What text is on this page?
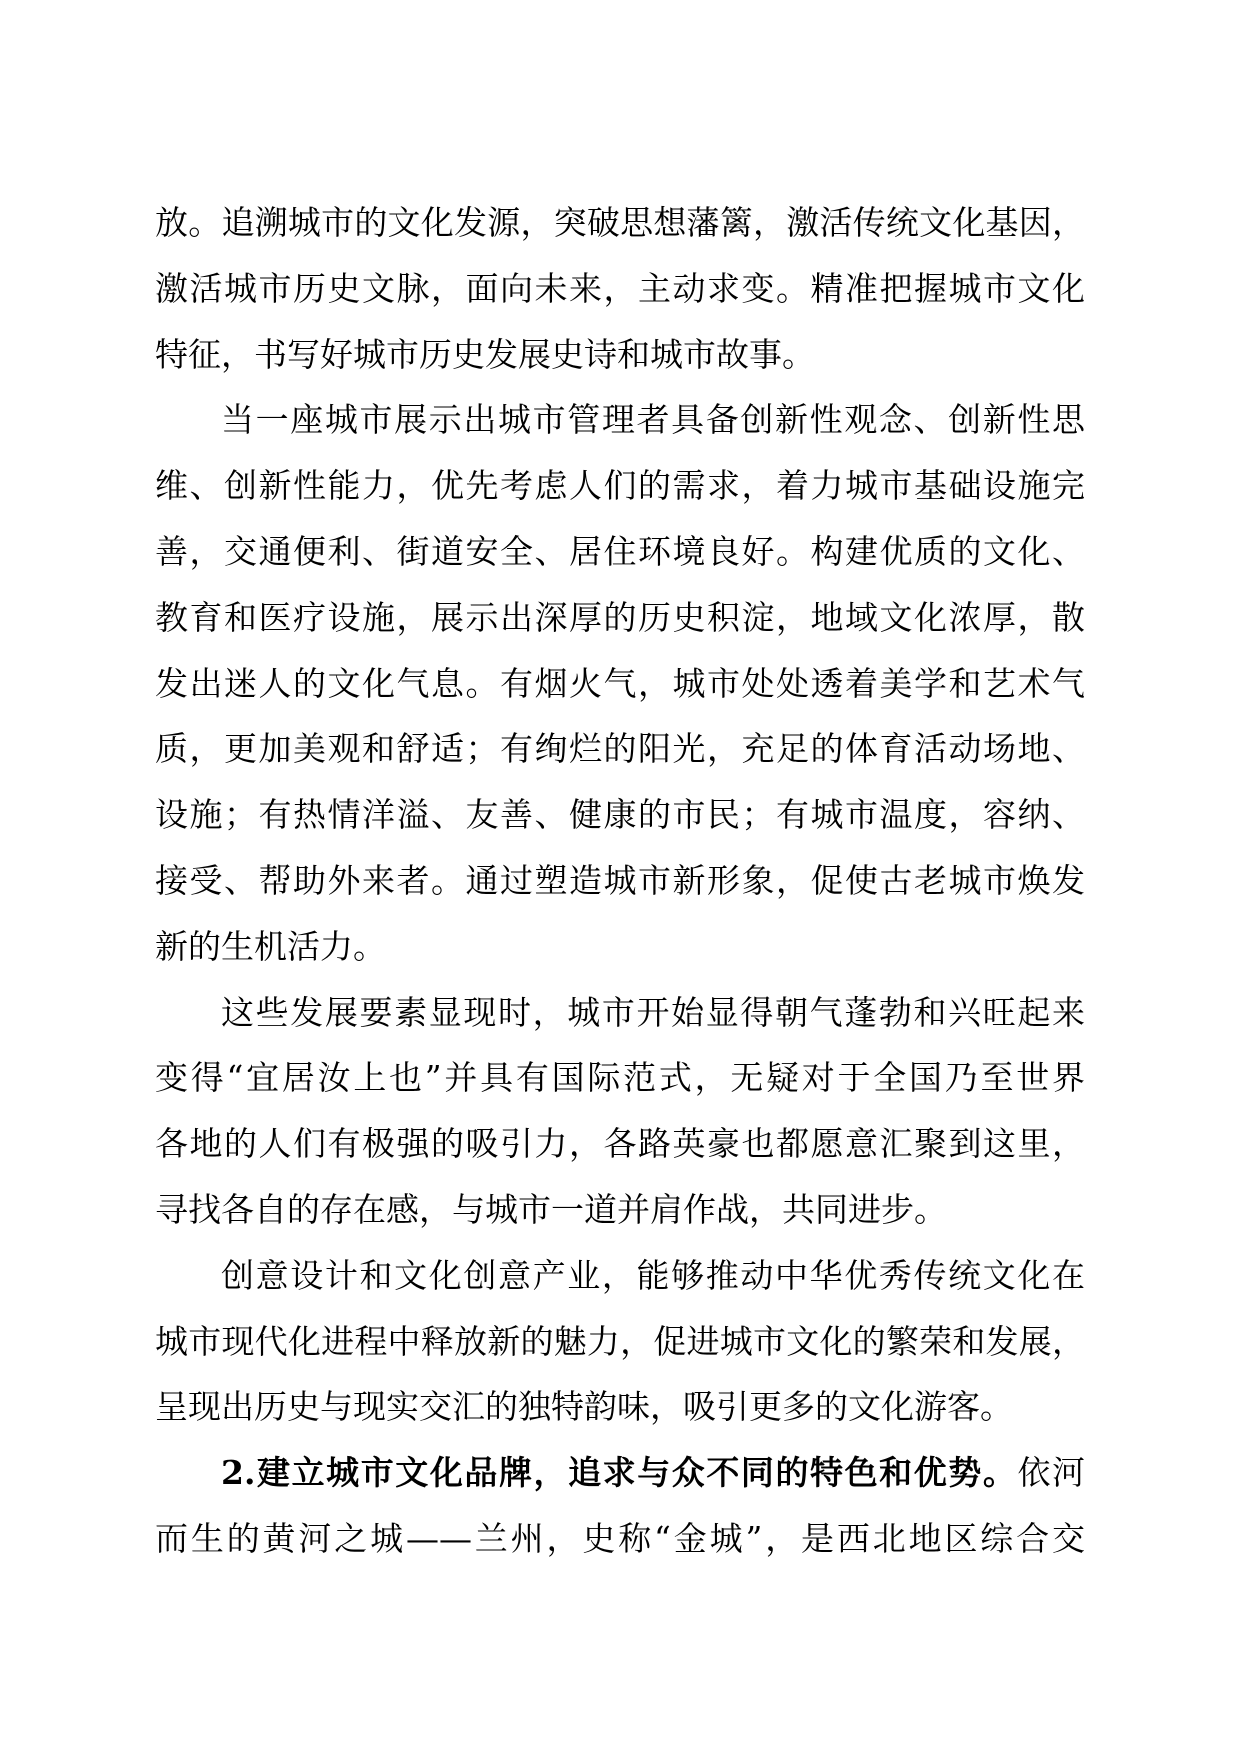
放。追溯城市的文化发源，突破思想藩篱，激活传统文化基因，
激活城市历史文脉，面向未来，主动求变。精准把握城市文化
特征，书写好城市历史发展史诗和城市故事。
当一座城市展示出城市管理者具备创新性观念、创新性思
维、创新性能力，优先考虑人们的需求，着力城市基础设施完
善，交通便利、街道安全、居住环境良好。构建优质的文化、
教育和医疗设施，展示出深厚的历史积淀，地域文化浓厚，散
发出迷人的文化气息。有烟火气，城市处处透着美学和艺术气
质，更加美观和舒适；有绚烂的阳光，充足的体育活动场地、
设施；有热情洋溢、友善、健康的市民；有城市温度，容纳、
接受、帮助外来者。通过塑造城市新形象，促使古老城市焕发
新的生机活力。
这些发展要素显现时，城市开始显得朝气蓬勃和兴旺起来
变得“宜居汝上也”并具有国际范式，无疑对于全国乃至世界
各地的人们有极强的吸引力，各路英豪也都愿意汇聚到这里，
寻找各自的存在感，与城市一道并肩作战，共同进步。
创意设计和文化创意产业，能够推动中华优秀传统文化在
城市现代化进程中释放新的魅力，促进城市文化的繁荣和发展，
呈现出历史与现实交汇的独特韵味，吸引更多的文化游客。
2.建立城市文化品牌，追求与众不同的特色和优势。依河
而生的黄河之城——兰州，史称“金城”，是西北地区综合交
